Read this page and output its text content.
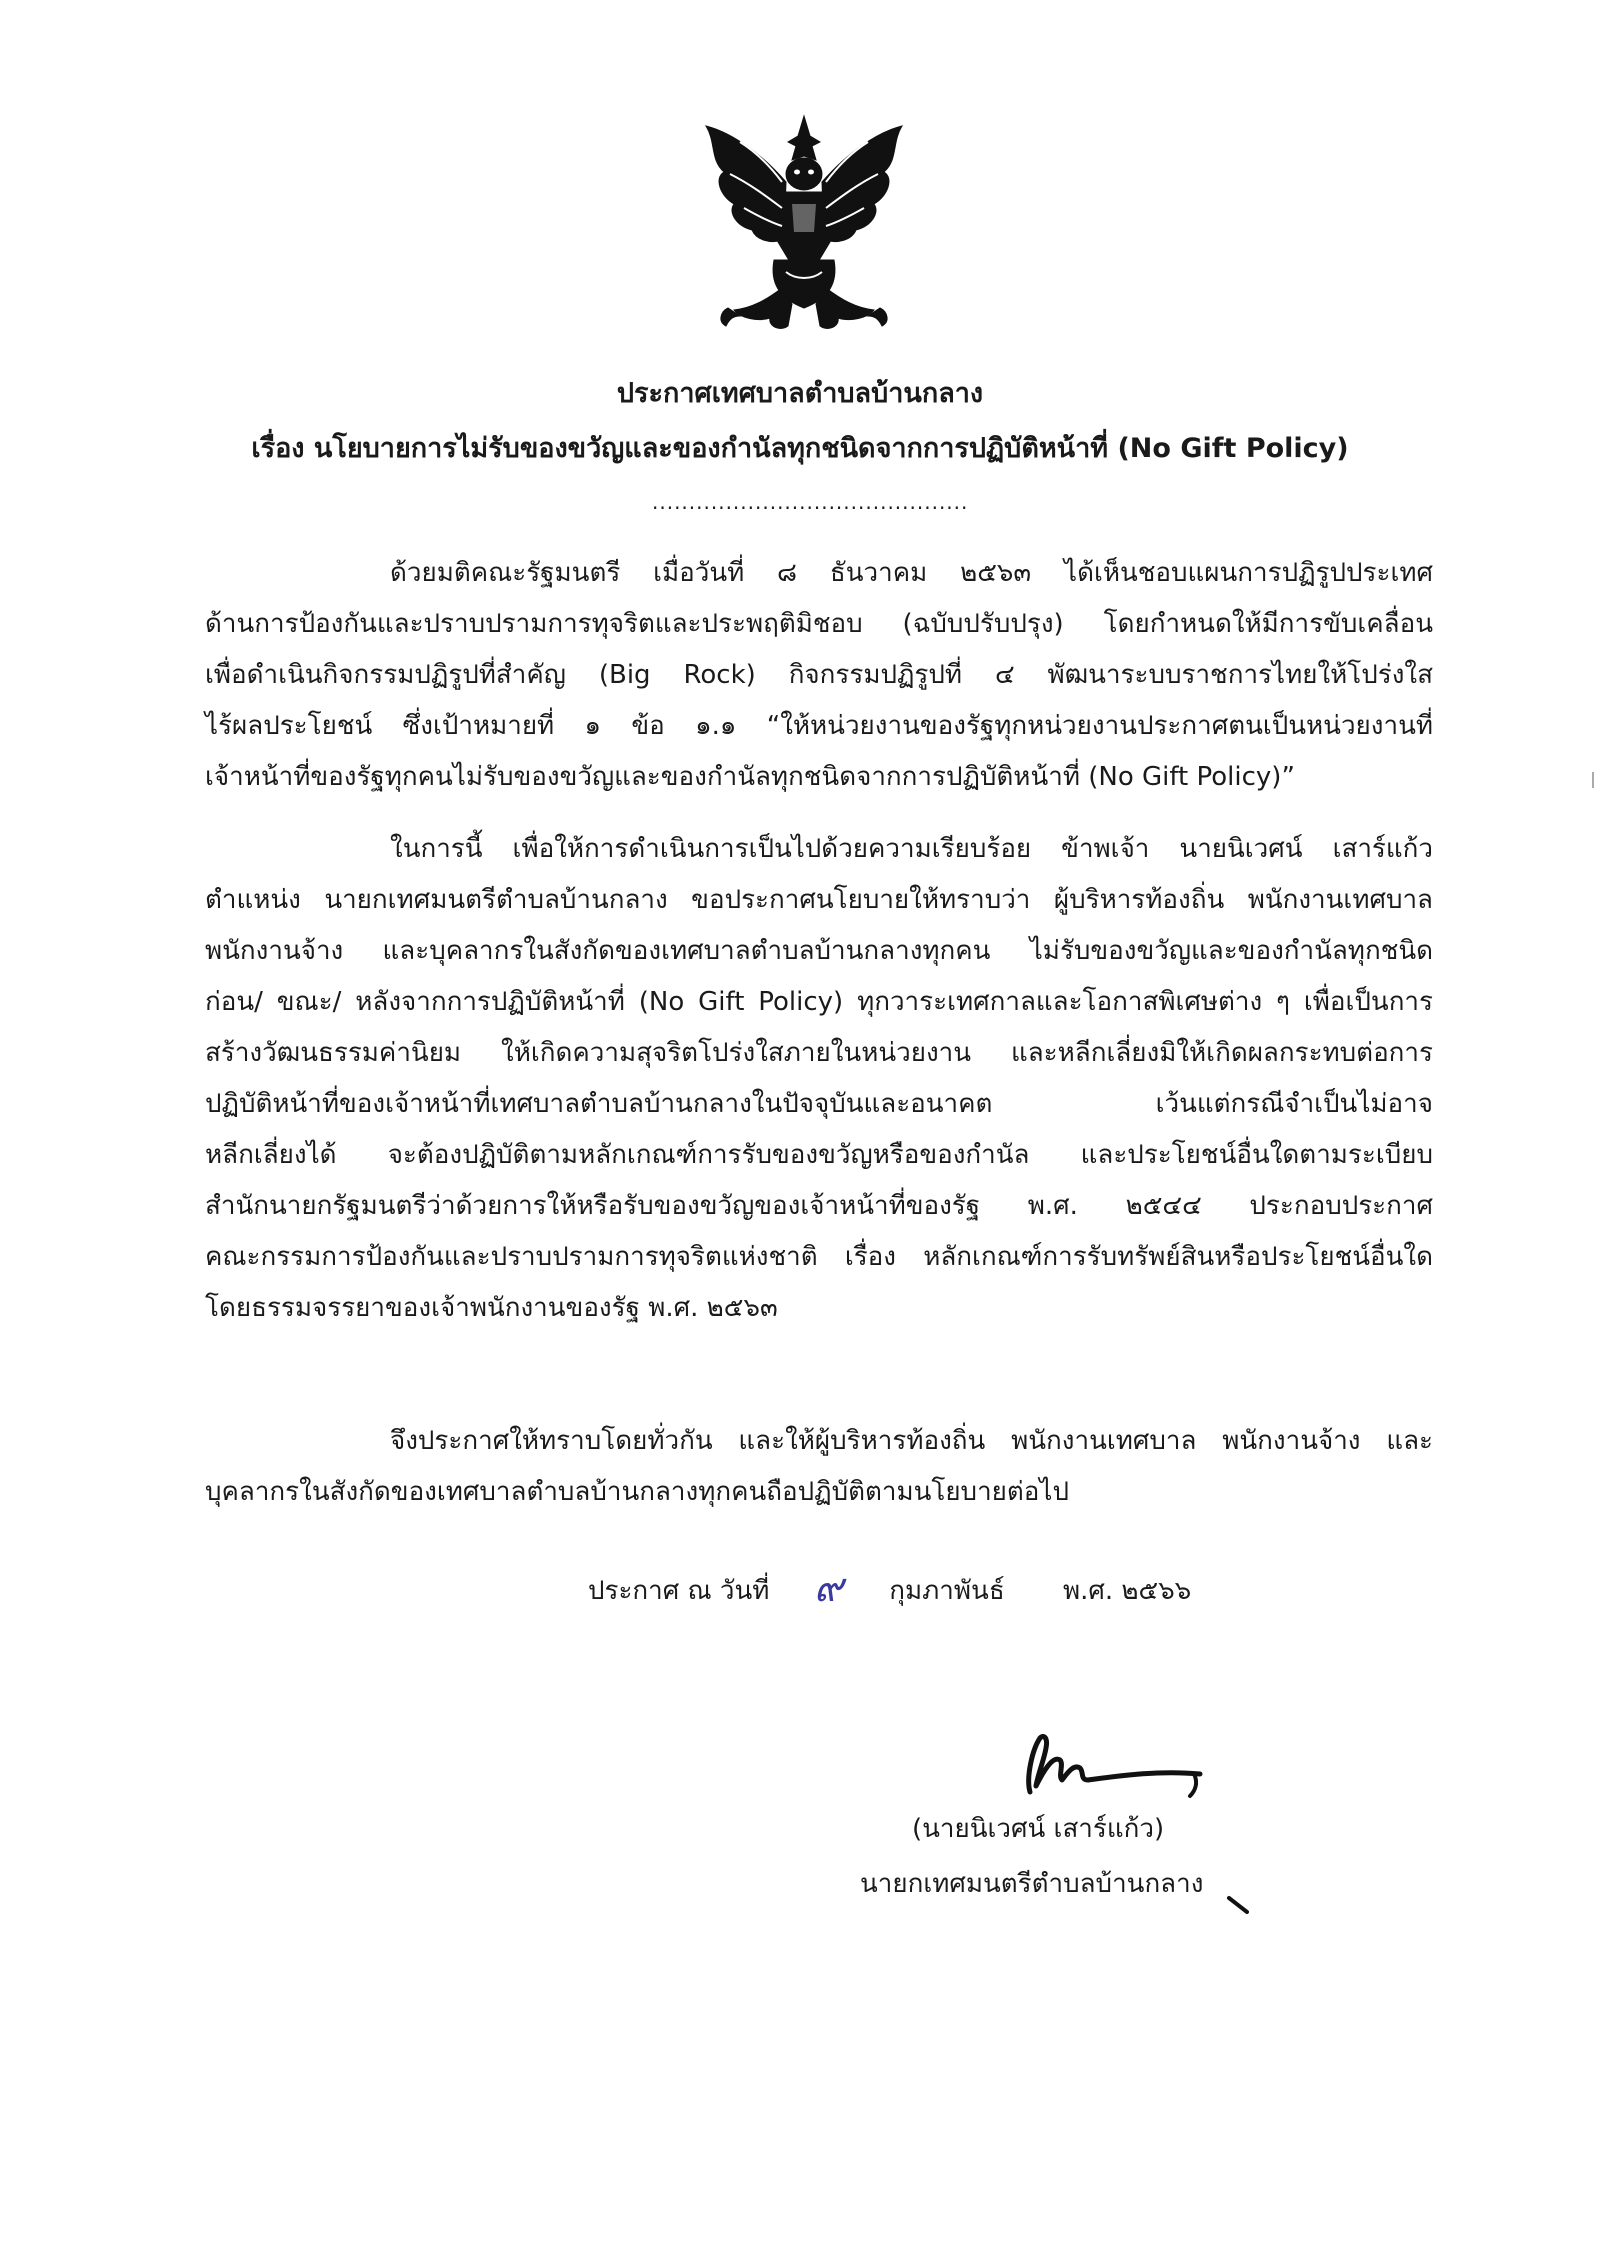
ประกาศเทศบาลตำบลบ้านกลาง
เรื่อง นโยบายการไม่รับของขวัญและของกำนัลทุกชนิดจากการปฏิบัติหน้าที่ (No Gift Policy)
...........................................
ด้วยมติคณะรัฐมนตรี เมื่อวันที่ ๘ ธันวาคม ๒๕๖๓ ได้เห็นชอบแผนการปฏิรูปประเทศ
ด้านการป้องกันและปราบปรามการทุจริตและประพฤติมิชอบ (ฉบับปรับปรุง) โดยกำหนดให้มีการขับเคลื่อน
เพื่อดำเนินกิจกรรมปฏิรูปที่สำคัญ (Big Rock) กิจกรรมปฏิรูปที่ ๔ พัฒนาระบบราชการไทยให้โปร่งใส
ไร้ผลประโยชน์ ซึ่งเป้าหมายที่ ๑ ข้อ ๑.๑ “ให้หน่วยงานของรัฐทุกหน่วยงานประกาศตนเป็นหน่วยงานที่
เจ้าหน้าที่ของรัฐทุกคนไม่รับของขวัญและของกำนัลทุกชนิดจากการปฏิบัติหน้าที่ (No Gift Policy)”
ในการนี้ เพื่อให้การดำเนินการเป็นไปด้วยความเรียบร้อย ข้าพเจ้า นายนิเวศน์ เสาร์แก้ว
ตำแหน่ง นายกเทศมนตรีตำบลบ้านกลาง ขอประกาศนโยบายให้ทราบว่า ผู้บริหารท้องถิ่น พนักงานเทศบาล
พนักงานจ้าง และบุคลากรในสังกัดของเทศบาลตำบลบ้านกลางทุกคน ไม่รับของขวัญและของกำนัลทุกชนิด
ก่อน/ ขณะ/ หลังจากการปฏิบัติหน้าที่ (No Gift Policy) ทุกวาระเทศกาลและโอกาสพิเศษต่าง ๆ เพื่อเป็นการ
สร้างวัฒนธรรมค่านิยม ให้เกิดความสุจริตโปร่งใสภายในหน่วยงาน และหลีกเลี่ยงมิให้เกิดผลกระทบต่อการ
ปฏิบัติหน้าที่ของเจ้าหน้าที่เทศบาลตำบลบ้านกลางในปัจจุบันและอนาคต เว้นแต่กรณีจำเป็นไม่อาจ
หลีกเลี่ยงได้ จะต้องปฏิบัติตามหลักเกณฑ์การรับของขวัญหรือของกำนัล และประโยชน์อื่นใดตามระเบียบ
สำนักนายกรัฐมนตรีว่าด้วยการให้หรือรับของขวัญของเจ้าหน้าที่ของรัฐ พ.ศ. ๒๕๔๔ ประกอบประกาศ
คณะกรรมการป้องกันและปราบปรามการทุจริตแห่งชาติ เรื่อง หลักเกณฑ์การรับทรัพย์สินหรือประโยชน์อื่นใด
โดยธรรมจรรยาของเจ้าพนักงานของรัฐ พ.ศ. ๒๕๖๓
จึงประกาศให้ทราบโดยทั่วกัน และให้ผู้บริหารท้องถิ่น พนักงานเทศบาล พนักงานจ้าง และ
บุคลากรในสังกัดของเทศบาลตำบลบ้านกลางทุกคนถือปฏิบัติตามนโยบายต่อไป
ประกาศ ณ วันที่ ๙ กุมภาพันธ์ พ.ศ. ๒๕๖๖
(นายนิเวศน์ เสาร์แก้ว)
นายกเทศมนตรีตำบลบ้านกลาง
